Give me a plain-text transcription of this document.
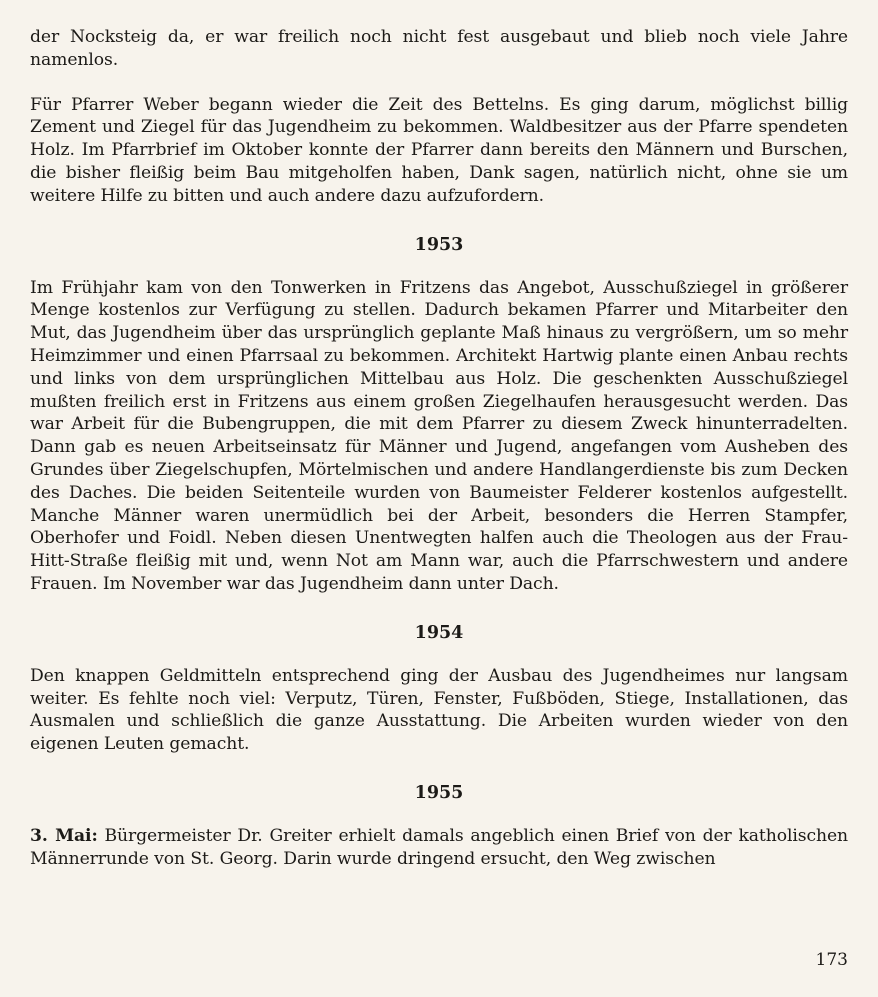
der Nocksteig da, er war freilich noch nicht fest ausgebaut und blieb noch viele Jahre namenlos.

Für Pfarrer Weber begann wieder die Zeit des Bettelns. Es ging darum, möglichst billig Zement und Ziegel für das Jugendheim zu bekommen. Waldbesitzer aus der Pfarre spendeten Holz. Im Pfarrbrief im Oktober konnte der Pfarrer dann bereits den Männern und Burschen, die bisher fleißig beim Bau mitgeholfen haben, Dank sagen, natürlich nicht, ohne sie um weitere Hilfe zu bitten und auch andere dazu aufzufordern.

1953

Im Frühjahr kam von den Tonwerken in Fritzens das Angebot, Ausschußziegel in größerer Menge kostenlos zur Verfügung zu stellen. Dadurch bekamen Pfarrer und Mitarbeiter den Mut, das Jugendheim über das ursprünglich geplante Maß hinaus zu vergrößern, um so mehr Heimzimmer und einen Pfarrsaal zu bekommen. Architekt Hartwig plante einen Anbau rechts und links von dem ursprünglichen Mittelbau aus Holz. Die geschenkten Ausschußziegel mußten freilich erst in Fritzens aus einem großen Ziegelhaufen herausgesucht werden. Das war Arbeit für die Bubengruppen, die mit dem Pfarrer zu diesem Zweck hinunterradelten. Dann gab es neuen Arbeitseinsatz für Männer und Jugend, angefangen vom Ausheben des Grundes über Ziegelschupfen, Mörtelmischen und andere Handlangerdienste bis zum Decken des Daches. Die beiden Seitenteile wurden von Baumeister Felderer kostenlos aufgestellt. Manche Männer waren unermüdlich bei der Arbeit, besonders die Herren Stampfer, Oberhofer und Foidl. Neben diesen Unentwegten halfen auch die Theologen aus der Frau-Hitt-Straße fleißig mit und, wenn Not am Mann war, auch die Pfarrschwestern und andere Frauen. Im November war das Jugendheim dann unter Dach.

1954

Den knappen Geldmitteln entsprechend ging der Ausbau des Jugendheimes nur langsam weiter. Es fehlte noch viel: Verputz, Türen, Fenster, Fußböden, Stiege, Installationen, das Ausmalen und schließlich die ganze Ausstattung. Die Arbeiten wurden wieder von den eigenen Leuten gemacht.

1955

3. Mai: Bürgermeister Dr. Greiter erhielt damals angeblich einen Brief von der katholischen Männerrunde von St. Georg. Darin wurde dringend ersucht, den Weg zwischen

173
